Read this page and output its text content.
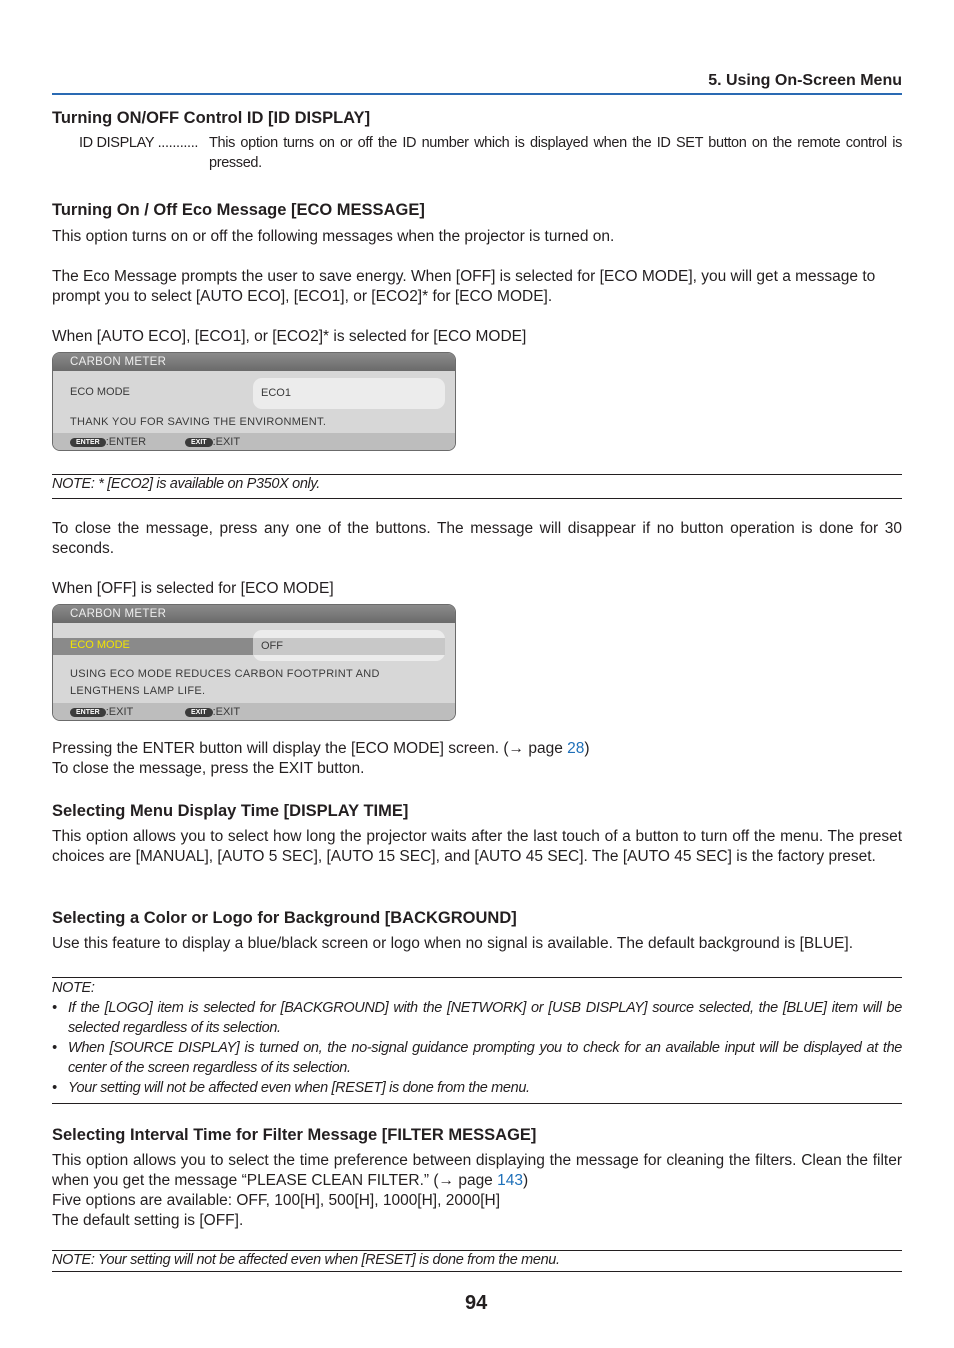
5. Using On-Screen Menu
Turning ON/OFF Control ID [ID DISPLAY]
ID DISPLAY ........... This option turns on or off the ID number which is displayed when the ID SET button on the remote control is pressed.
Turning On / Off Eco Message [ECO MESSAGE]

This option turns on or off the following messages when the projector is turned on.

The Eco Message prompts the user to save energy. When [OFF] is selected for [ECO MODE], you will get a message to prompt you to select [AUTO ECO], [ECO1], or [ECO2]* for [ECO MODE].

When [AUTO ECO], [ECO1], or [ECO2]* is selected for [ECO MODE]

CARBON METER
ECO MODE	ECO1
THANK YOU FOR SAVING THE ENVIRONMENT.
ENTER :ENTER	EXIT :EXIT
NOTE: * [ECO2] is available on P350X only.

To close the message, press any one of the buttons. The message will disappear if no button operation is done for 30 seconds.

When [OFF] is selected for [ECO MODE]

CARBON METER
ECO MODE	OFF
USING ECO MODE REDUCES CARBON FOOTPRINT AND
LENGTHENS LAMP LIFE.
ENTER :EXIT	EXIT :EXIT

Pressing the ENTER button will display the [ECO MODE] screen. (→ page 28)

To close the message, press the EXIT button.

Selecting Menu Display Time [DISPLAY TIME]

This option allows you to select how long the projector waits after the last touch of a button to turn off the menu. The preset choices are [MANUAL], [AUTO 5 SEC], [AUTO 15 SEC], and [AUTO 45 SEC]. The [AUTO 45 SEC] is the factory preset.

Selecting a Color or Logo for Background [BACKGROUND]

Use this feature to display a blue/black screen or logo when no signal is available. The default background is [BLUE].

NOTE:
• If the [LOGO] item is selected for [BACKGROUND] with the [NETWORK] or [USB DISPLAY] source selected, the [BLUE] item will be selected regardless of its selection.
• When [SOURCE DISPLAY] is turned on, the no-signal guidance prompting you to check for an available input will be displayed at the center of the screen regardless of its selection.
• Your setting will not be affected even when [RESET] is done from the menu.
Selecting Interval Time for Filter Message [FILTER MESSAGE]

This option allows you to select the time preference between displaying the message for cleaning the filters. Clean the filter when you get the message “PLEASE CLEAN FILTER.” (→ page 143)

Five options are available: OFF, 100[H], 500[H], 1000[H], 2000[H]

The default setting is [OFF].

NOTE: Your setting will not be affected even when [RESET] is done from the menu.
94
